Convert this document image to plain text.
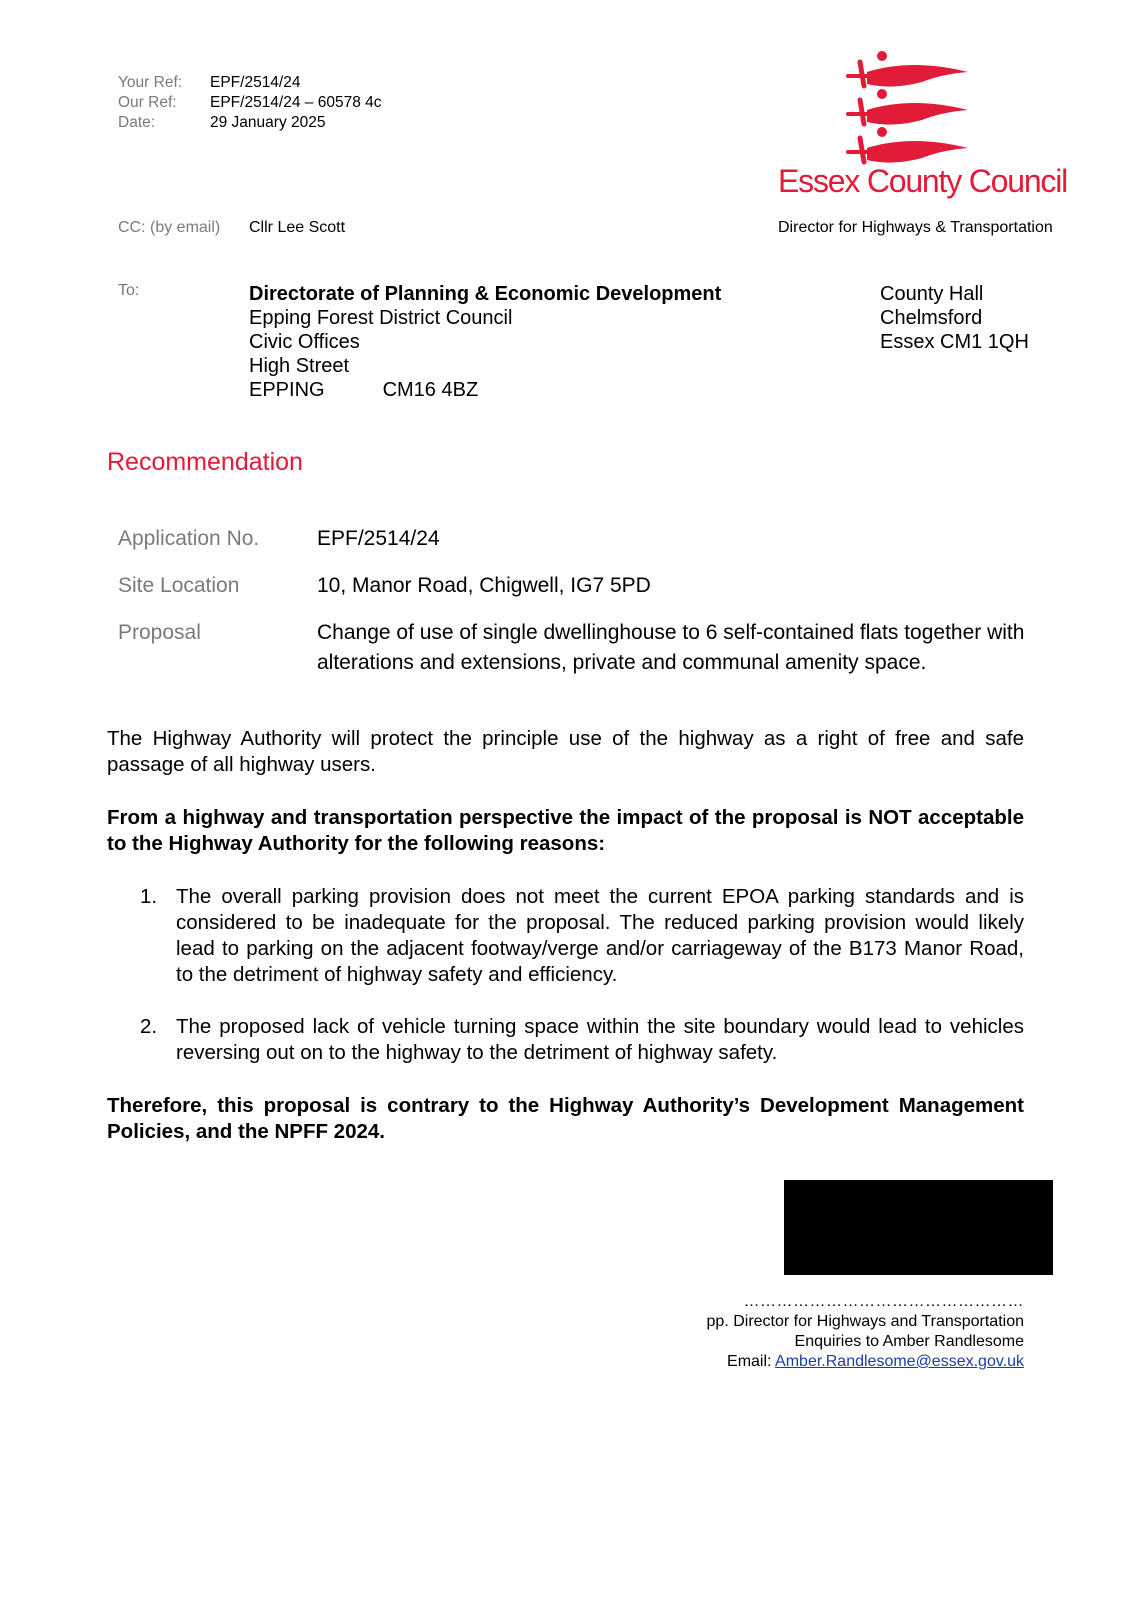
Your Ref:	EPF/2514/24
Our Ref:	EPF/2514/24 – 60578 4c
Date:	29 January 2025
Essex County Council
Director for Highways & Transportation
CC: (by email) Cllr Lee Scott
To:	Directorate of Planning & Economic Development
Epping Forest District Council
Civic Offices
High Street
EPPING	CM16 4BZ
County Hall
Chelmsford
Essex CM1 1QH
Recommendation
Application No.	EPF/2514/24
Site Location	10, Manor Road, Chigwell, IG7 5PD
Proposal	Change of use of single dwellinghouse to 6 self-contained flats together with alterations and extensions, private and communal amenity space.
The Highway Authority will protect the principle use of the highway as a right of free and safe passage of all highway users.
From a highway and transportation perspective the impact of the proposal is NOT acceptable to the Highway Authority for the following reasons:
1. The overall parking provision does not meet the current EPOA parking standards and is considered to be inadequate for the proposal. The reduced parking provision would likely lead to parking on the adjacent footway/verge and/or carriageway of the B173 Manor Road, to the detriment of highway safety and efficiency.
2. The proposed lack of vehicle turning space within the site boundary would lead to vehicles reversing out on to the highway to the detriment of highway safety.
Therefore, this proposal is contrary to the Highway Authority’s Development Management Policies, and the NPFF 2024.
……………………………………………
pp. Director for Highways and Transportation
Enquiries to Amber Randlesome
Email: Amber.Randlesome@essex.gov.uk
